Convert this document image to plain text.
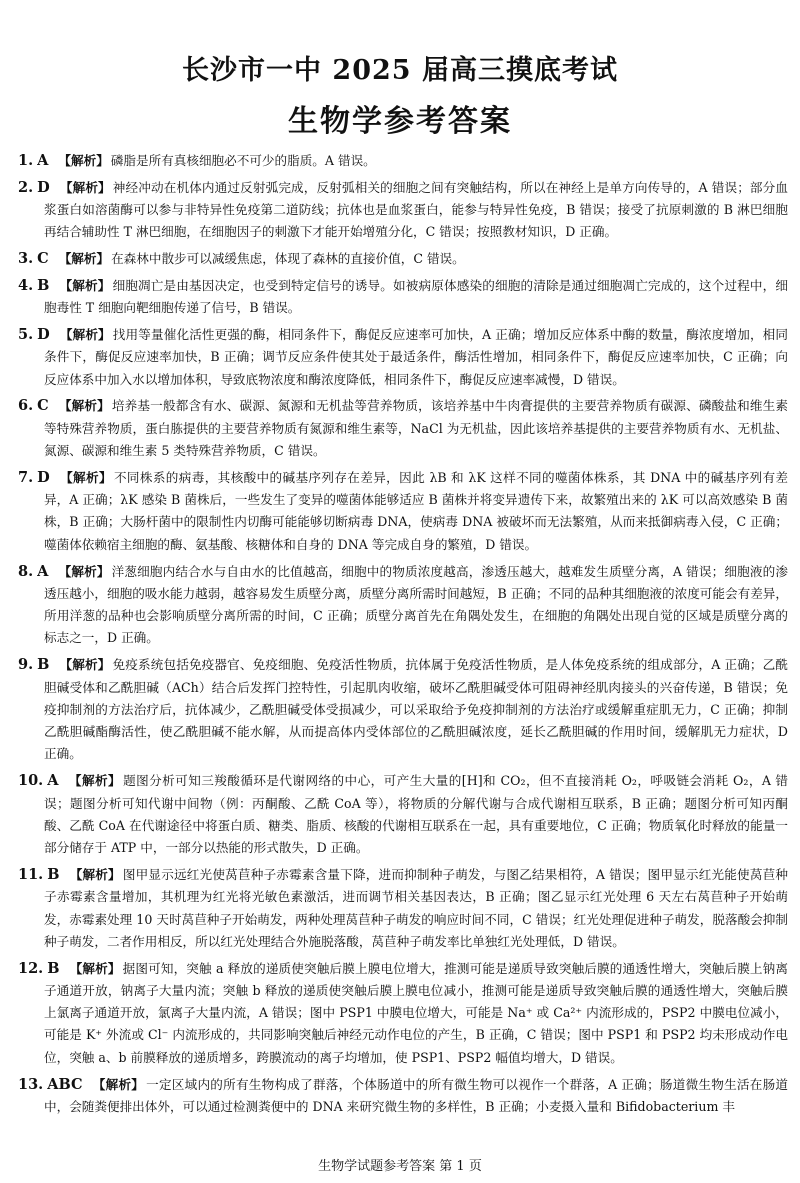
长沙市一中 2025 届高三摸底考试
生物学参考答案

1. A 【解析】 磷脂是所有真核细胞必不可少的脂质。A 错误。

2. D 【解析】 神经冲动在机体内通过反射弧完成，反射弧相关的细胞之间有突触结构，所以在神经上是单方向传导的，A 错误；部分血浆蛋白如溶菌酶可以参与非特异性免疫第二道防线；抗体也是血浆蛋白，能参与特异性免疫，B 错误；接受了抗原刺激的 B 淋巴细胞再结合辅助性 T 淋巴细胞，在细胞因子的刺激下才能开始增殖分化，C 错误；按照教材知识，D 正确。

3. C 【解析】 在森林中散步可以减缓焦虑，体现了森林的直接价值，C 错误。

4. B 【解析】 细胞凋亡是由基因决定，也受到特定信号的诱导。如被病原体感染的细胞的清除是通过细胞凋亡完成的，这个过程中，细胞毒性 T 细胞向靶细胞传递了信号，B 错误。

5. D 【解析】 找用等量催化活性更强的酶，相同条件下，酶促反应速率可加快，A 正确；增加反应体系中酶的数量，酶浓度增加，相同条件下，酶促反应速率加快，B 正确；调节反应条件使其处于最适条件，酶活性增加，相同条件下，酶促反应速率加快，C 正确；向反应体系中加入水以增加体积，导致底物浓度和酶浓度降低，相同条件下，酶促反应速率减慢，D 错误。

6. C 【解析】 培养基一般都含有水、碳源、氮源和无机盐等营养物质，该培养基中牛肉膏提供的主要营养物质有碳源、磷酸盐和维生素等特殊营养物质，蛋白胨提供的主要营养物质有氮源和维生素等，NaCl 为无机盐，因此该培养基提供的主要营养物质有水、无机盐、氮源、碳源和维生素 5 类特殊营养物质，C 错误。

7. D 【解析】 不同株系的病毒，其核酸中的碱基序列存在差异，因此 λB 和 λK 这样不同的噬菌体株系，其 DNA 中的碱基序列有差异，A 正确；λK 感染 B 菌株后，一些发生了变异的噬菌体能够适应 B 菌株并将变异遗传下来，故繁殖出来的 λK 可以高效感染 B 菌株，B 正确；大肠杆菌中的限制性内切酶可能能够切断病毒 DNA，使病毒 DNA 被破坏而无法繁殖，从而来抵御病毒入侵，C 正确；噬菌体依赖宿主细胞的酶、氨基酸、核糖体和自身的 DNA 等完成自身的繁殖，D 错误。

8. A 【解析】 洋葱细胞内结合水与自由水的比值越高，细胞中的物质浓度越高，渗透压越大，越难发生质壁分离，A 错误；细胞液的渗透压越小，细胞的吸水能力越弱，越容易发生质壁分离，质壁分离所需时间越短，B 正确；不同的品种其细胞液的浓度可能会有差异，所用洋葱的品种也会影响质壁分离所需的时间，C 正确；质壁分离首先在角隅处发生，在细胞的角隅处出现自觉的区域是质壁分离的标志之一，D 正确。

9. B 【解析】 免疫系统包括免疫器官、免疫细胞、免疫活性物质，抗体属于免疫活性物质，是人体免疫系统的组成部分，A 正确；乙酰胆碱受体和乙酰胆碱（ACh）结合后发挥门控特性，引起肌肉收缩，破坏乙酰胆碱受体可阻碍神经肌肉接头的兴奋传递，B 错误；免疫抑制剂的方法治疗后，抗体减少，乙酰胆碱受体受损减少，可以采取给予免疫抑制剂的方法治疗或缓解重症肌无力，C 正确；抑制乙酰胆碱酯酶活性，使乙酰胆碱不能水解，从而提高体内受体部位的乙酰胆碱浓度，延长乙酰胆碱的作用时间，缓解肌无力症状，D 正确。

10. A 【解析】 题图分析可知三羧酸循环是代谢网络的中心，可产生大量的[H]和 CO₂，但不直接消耗 O₂，呼吸链会消耗 O₂，A 错误；题图分析可知代谢中间物（例：丙酮酸、乙酰 CoA 等），将物质的分解代谢与合成代谢相互联系，B 正确；题图分析可知丙酮酸、乙酰 CoA 在代谢途径中将蛋白质、糖类、脂质、核酸的代谢相互联系在一起，具有重要地位，C 正确；物质氧化时释放的能量一部分储存于 ATP 中，一部分以热能的形式散失，D 正确。

11. B 【解析】 图甲显示远红光使莴苣种子赤霉素含量下降，进而抑制种子萌发，与图乙结果相符，A 错误；图甲显示红光能使莴苣种子赤霉素含量增加，其机理为红光将光敏色素激活，进而调节相关基因表达，B 正确；图乙显示红光处理 6 天左右莴苣种子开始萌发，赤霉素处理 10 天时莴苣种子开始萌发，两种处理莴苣种子萌发的响应时间不同，C 错误；红光处理促进种子萌发，脱落酸会抑制种子萌发，二者作用相反，所以红光处理结合外施脱落酸，莴苣种子萌发率比单独红光处理低，D 错误。

12. B 【解析】 据图可知，突触 a 释放的递质使突触后膜上膜电位增大，推测可能是递质导致突触后膜的通透性增大，突触后膜上钠离子通道开放，钠离子大量内流；突触 b 释放的递质使突触后膜上膜电位减小，推测可能是递质导致突触后膜的通透性增大，突触后膜上氯离子通道开放，氯离子大量内流，A 错误；图中 PSP1 中膜电位增大，可能是 Na⁺ 或 Ca²⁺ 内流形成的，PSP2 中膜电位减小，可能是 K⁺ 外流或 Cl⁻ 内流形成的，共同影响突触后神经元动作电位的产生，B 正确，C 错误；图中 PSP1 和 PSP2 均未形成动作电位，突触 a、b 前膜释放的递质增多，跨膜流动的离子均增加，使 PSP1、PSP2 幅值均增大，D 错误。

13. ABC 【解析】 一定区域内的所有生物构成了群落，个体肠道中的所有微生物可以视作一个群落，A 正确；肠道微生物生活在肠道中，会随粪便排出体外，可以通过检测粪便中的 DNA 来研究微生物的多样性，B 正确；小麦摄入量和 Bifidobacterium 丰

生物学试题参考答案 第 1 页
